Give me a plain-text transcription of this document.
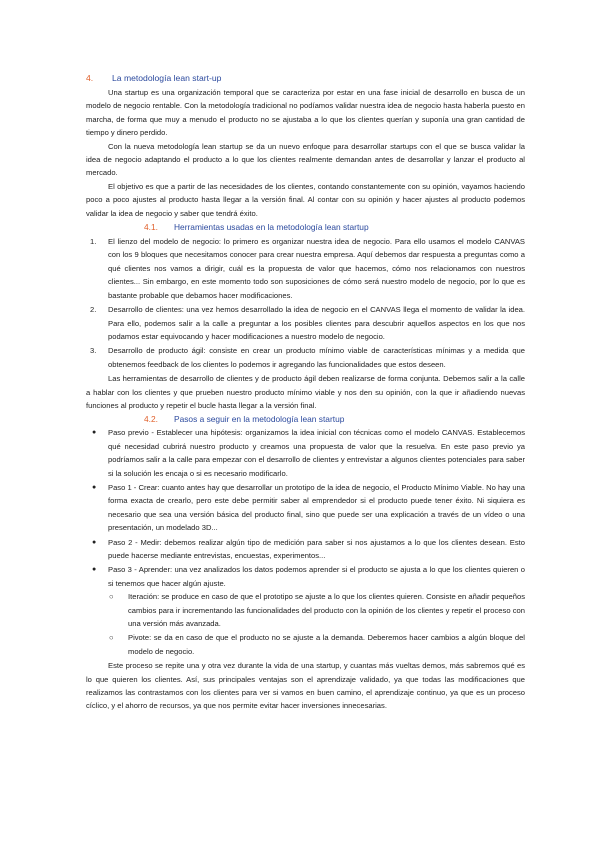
4. La metodología lean start-up

Una startup es una organización temporal que se caracteriza por estar en una fase inicial de desarrollo en busca de un modelo de negocio rentable. Con la metodología tradicional no podíamos validar nuestra idea de negocio hasta haberla puesto en marcha, de forma que muy a menudo el producto no se ajustaba a lo que los clientes querían y suponía una gran cantidad de tiempo y dinero perdido.

Con la nueva metodología lean startup se da un nuevo enfoque para desarrollar startups con el que se busca validar la idea de negocio adaptando el producto a lo que los clientes realmente demandan antes de desarrollar y lanzar el producto al mercado.

El objetivo es que a partir de las necesidades de los clientes, contando constantemente con su opinión, vayamos haciendo poco a poco ajustes al producto hasta llegar a la versión final. Al contar con su opinión y hacer ajustes al producto podemos validar la idea de negocio y saber que tendrá éxito.

4.1. Herramientas usadas en la metodología lean startup
1. El lienzo del modelo de negocio: lo primero es organizar nuestra idea de negocio. Para ello usamos el modelo CANVAS con los 9 bloques que necesitamos conocer para crear nuestra empresa. Aquí debemos dar respuesta a preguntas como a qué clientes nos vamos a dirigir, cuál es la propuesta de valor que hacemos, cómo nos relacionamos con nuestros clientes... Sin embargo, en este momento todo son suposiciones de cómo será nuestro modelo de negocio, por lo que es bastante probable que debamos hacer modificaciones.
2. Desarrollo de clientes: una vez hemos desarrollado la idea de negocio en el CANVAS llega el momento de validar la idea. Para ello, podemos salir a la calle a preguntar a los posibles clientes para descubrir aquellos aspectos en los que nos podamos estar equivocando y hacer modificaciones a nuestro modelo de negocio.
3. Desarrollo de producto ágil: consiste en crear un producto mínimo viable de características mínimas y a medida que obtenemos feedback de los clientes lo podemos ir agregando las funcionalidades que estos deseen.

Las herramientas de desarrollo de clientes y de producto ágil deben realizarse de forma conjunta. Debemos salir a la calle a hablar con los clientes y que prueben nuestro producto mínimo viable y nos den su opinión, con la que ir añadiendo nuevas funciones al producto y repetir el bucle hasta llegar a la versión final.

4.2. Pasos a seguir en la metodología lean startup
● Paso previo - Establecer una hipótesis: organizamos la idea inicial con técnicas como el modelo CANVAS. Establecemos qué necesidad cubrirá nuestro producto y creamos una propuesta de valor que la resuelva. En este paso previo ya podríamos salir a la calle para empezar con el desarrollo de clientes y entrevistar a algunos clientes potenciales para saber si la solución les encaja o si es necesario modificarlo.
● Paso 1 - Crear: cuanto antes hay que desarrollar un prototipo de la idea de negocio, el Producto Mínimo Viable. No hay una forma exacta de crearlo, pero este debe permitir saber al emprendedor si el producto puede tener éxito. Ni siquiera es necesario que sea una versión básica del producto final, sino que puede ser una explicación a través de un vídeo o una presentación, un modelado 3D...
● Paso 2 - Medir: debemos realizar algún tipo de medición para saber si nos ajustamos a lo que los clientes desean. Esto puede hacerse mediante entrevistas, encuestas, experimentos...
● Paso 3 - Aprender: una vez analizados los datos podemos aprender si el producto se ajusta a lo que los clientes quieren o si tenemos que hacer algún ajuste.
○ Iteración: se produce en caso de que el prototipo se ajuste a lo que los clientes quieren. Consiste en añadir pequeños cambios para ir incrementando las funcionalidades del producto con la opinión de los clientes y repetir el proceso con una versión más avanzada.
○ Pivote: se da en caso de que el producto no se ajuste a la demanda. Deberemos hacer cambios a algún bloque del modelo de negocio.

Este proceso se repite una y otra vez durante la vida de una startup, y cuantas más vueltas demos, más sabremos qué es lo que quieren los clientes. Así, sus principales ventajas son el aprendizaje validado, ya que todas las modificaciones que realizamos las contrastamos con los clientes para ver si vamos en buen camino, el aprendizaje continuo, ya que es un proceso cíclico, y el ahorro de recursos, ya que nos permite evitar hacer inversiones innecesarias.
